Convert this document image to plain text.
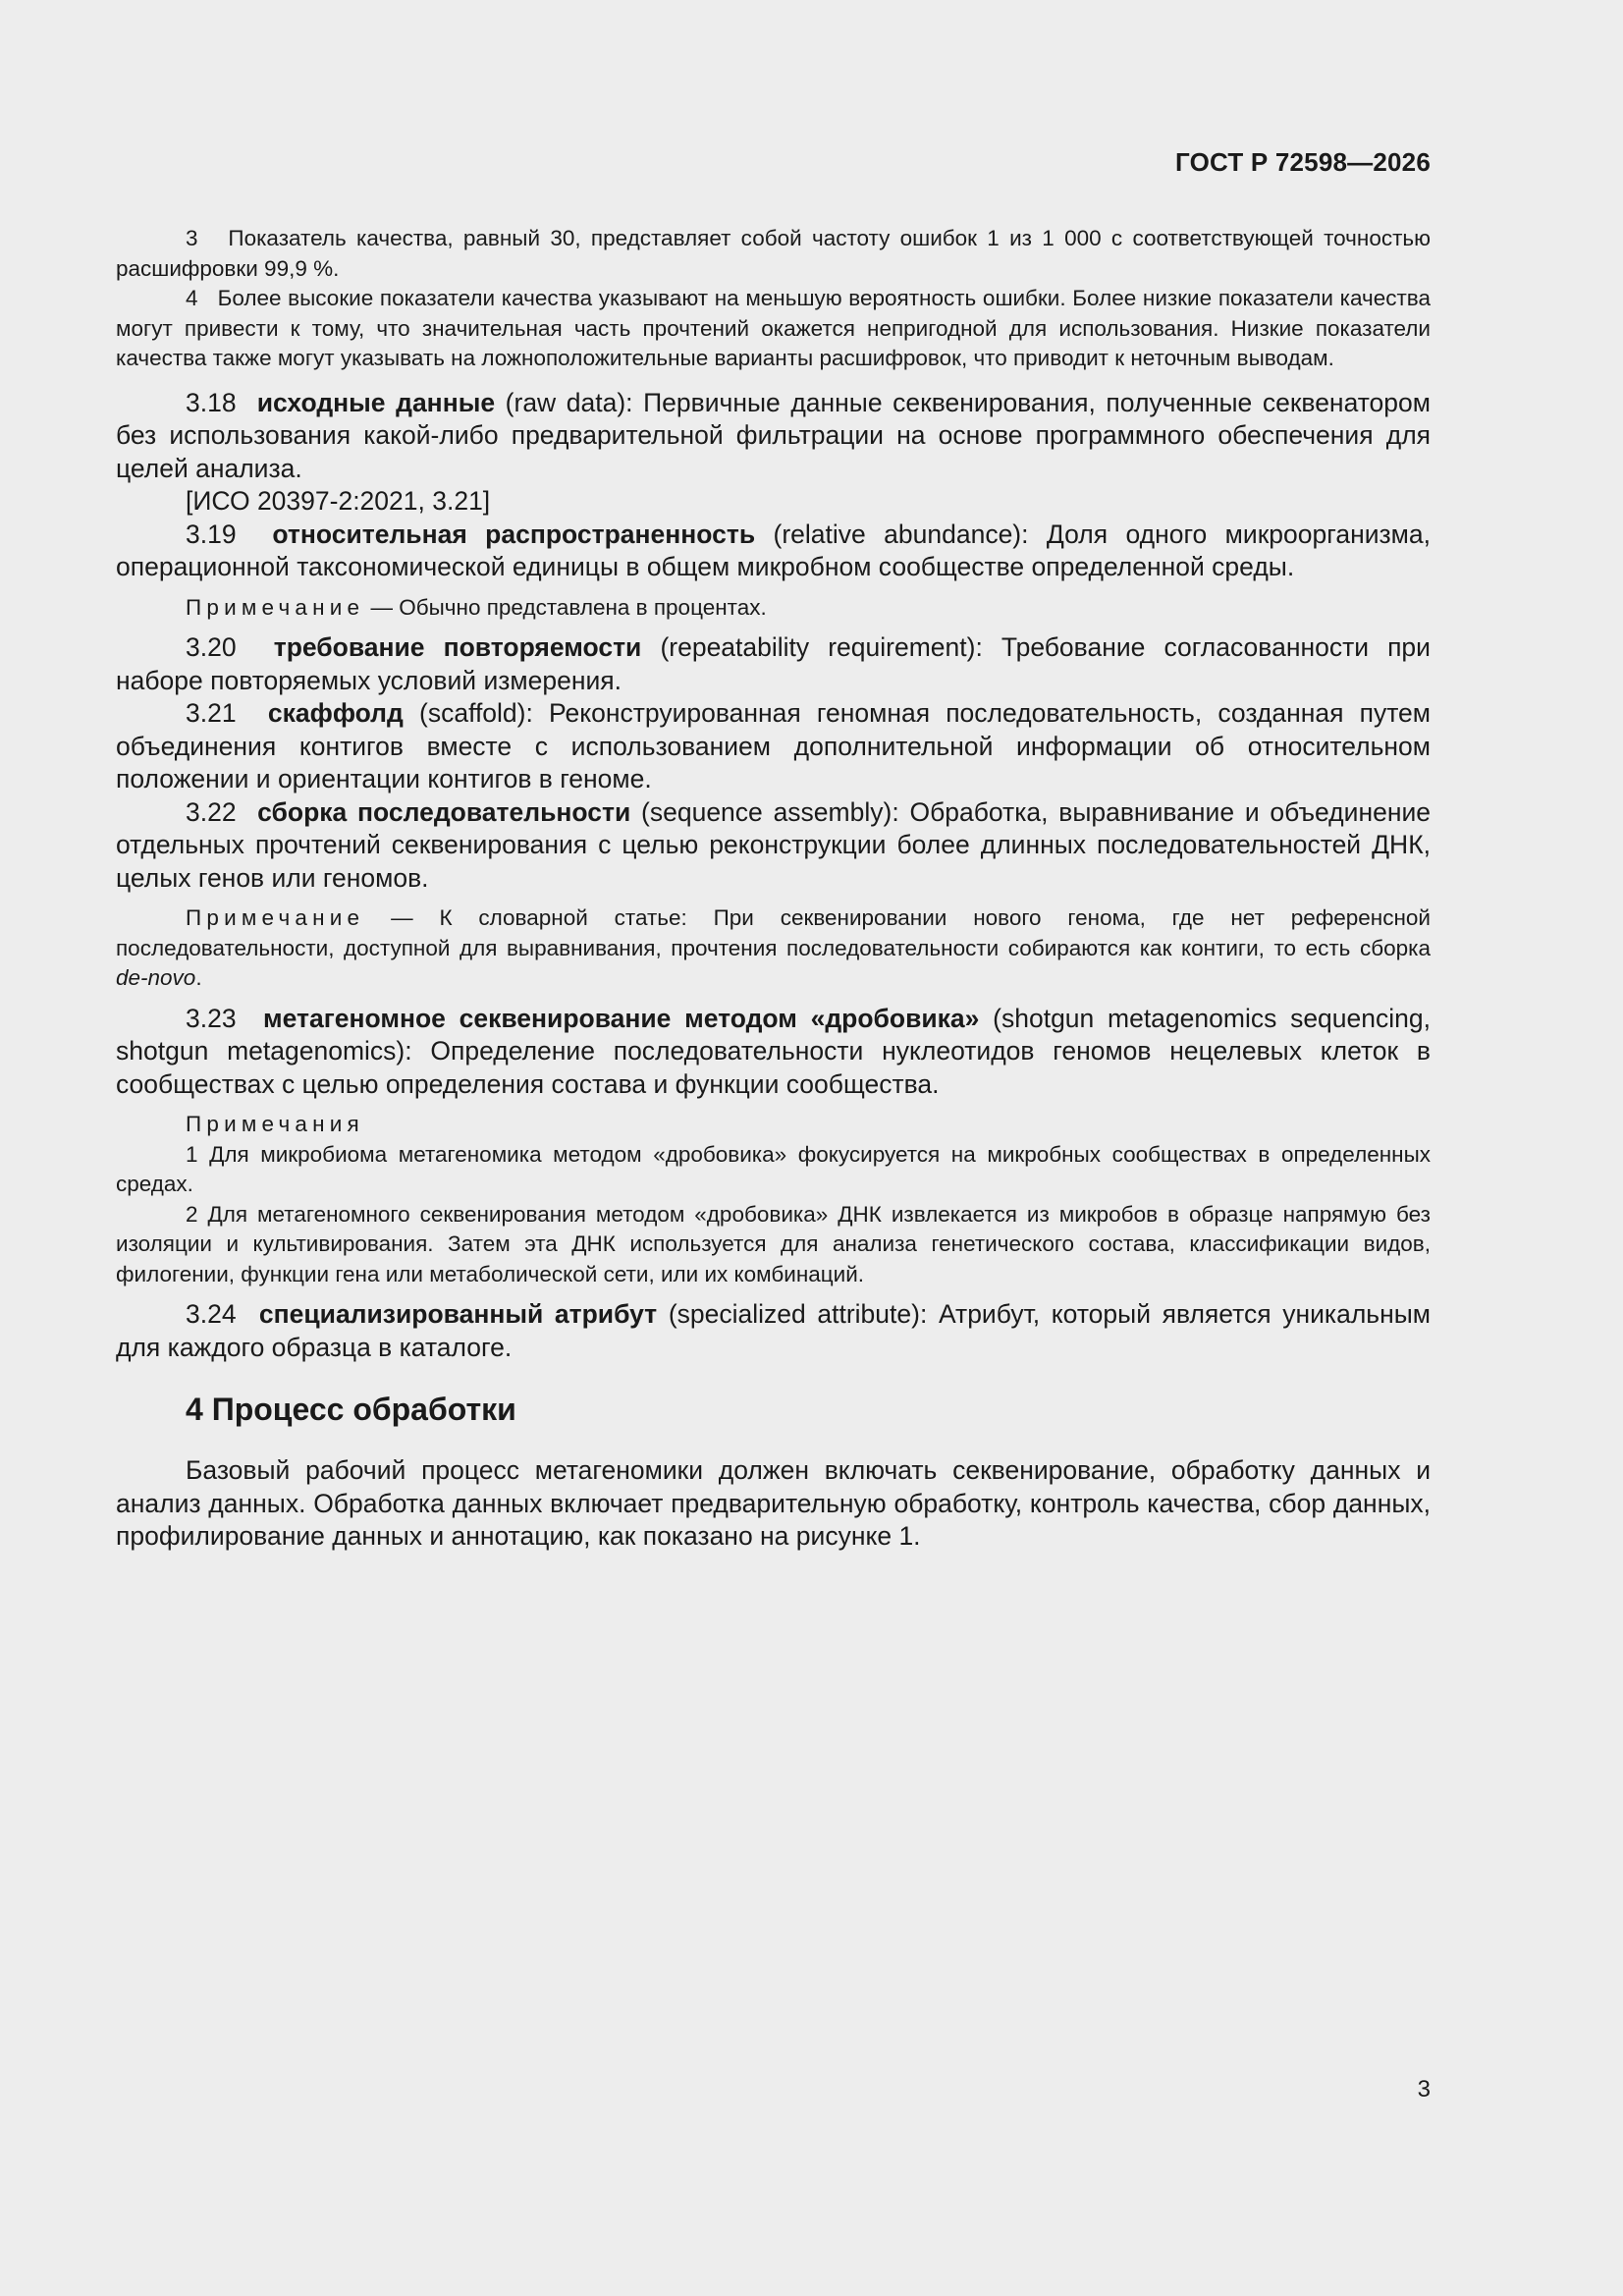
ГОСТ Р 72598—2026

3 Показатель качества, равный 30, представляет собой частоту ошибок 1 из 1 000 с соответствующей точностью расшифровки 99,9 %.

4 Более высокие показатели качества указывают на меньшую вероятность ошибки. Более низкие показатели качества могут привести к тому, что значительная часть прочтений окажется непригодной для использования. Низкие показатели качества также могут указывать на ложноположительные варианты расшифровок, что приводит к неточным выводам.

3.18 исходные данные (raw data): Первичные данные секвенирования, полученные секвенатором без использования какой-либо предварительной фильтрации на основе программного обеспечения для целей анализа.

[ИСО 20397-2:2021, 3.21]

3.19 относительная распространенность (relative abundance): Доля одного микроорганизма, операционной таксономической единицы в общем микробном сообществе определенной среды.

Примечание — Обычно представлена в процентах.

3.20 требование повторяемости (repeatability requirement): Требование согласованности при наборе повторяемых условий измерения.

3.21 скаффолд (scaffold): Реконструированная геномная последовательность, созданная путем объединения контигов вместе с использованием дополнительной информации об относительном положении и ориентации контигов в геноме.

3.22 сборка последовательности (sequence assembly): Обработка, выравнивание и объединение отдельных прочтений секвенирования с целью реконструкции более длинных последовательностей ДНК, целых генов или геномов.

Примечание — К словарной статье: При секвенировании нового генома, где нет референсной последовательности, доступной для выравнивания, прочтения последовательности собираются как контиги, то есть сборка de-novo.

3.23 метагеномное секвенирование методом «дробовика» (shotgun metagenomics sequencing, shotgun metagenomics): Определение последовательности нуклеотидов геномов нецелевых клеток в сообществах с целью определения состава и функции сообщества.

Примечания

1 Для микробиома метагеномика методом «дробовика» фокусируется на микробных сообществах в определенных средах.

2 Для метагеномного секвенирования методом «дробовика» ДНК извлекается из микробов в образце напрямую без изоляции и культивирования. Затем эта ДНК используется для анализа генетического состава, классификации видов, филогении, функции гена или метаболической сети, или их комбинаций.

3.24 специализированный атрибут (specialized attribute): Атрибут, который является уникальным для каждого образца в каталоге.

4 Процесс обработки

Базовый рабочий процесс метагеномики должен включать секвенирование, обработку данных и анализ данных. Обработка данных включает предварительную обработку, контроль качества, сбор данных, профилирование данных и аннотацию, как показано на рисунке 1.

3
